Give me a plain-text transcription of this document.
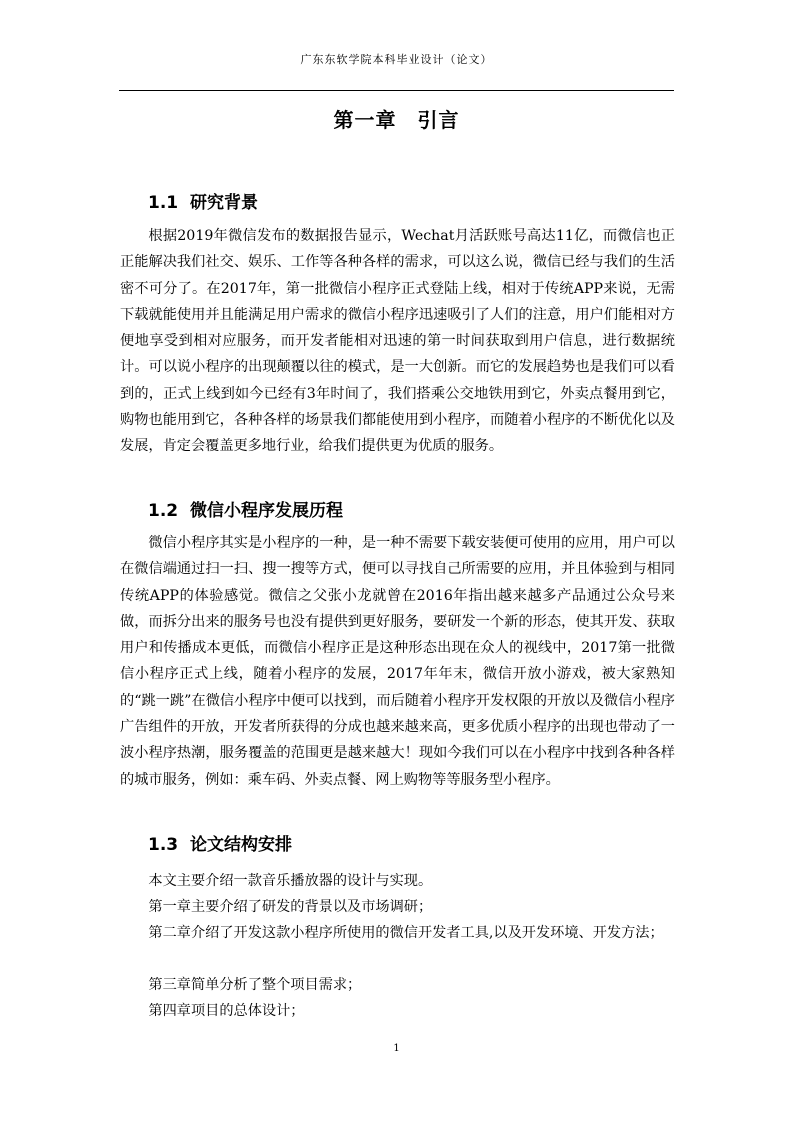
广东东软学院本科毕业设计（论文）
第一章　引言
1.1  研究背景

根据2019年微信发布的数据报告显示，Wechat月活跃账号高达11亿，而微信也正正能解决我们社交、娱乐、工作等各种各样的需求，可以这么说，微信已经与我们的生活密不可分了。在2017年，第一批微信小程序正式登陆上线，相对于传统APP来说，无需下载就能使用并且能满足用户需求的微信小程序迅速吸引了人们的注意，用户们能相对方便地享受到相对应服务，而开发者能相对迅速的第一时间获取到用户信息，进行数据统计。可以说小程序的出现颠覆以往的模式，是一大创新。而它的发展趋势也是我们可以看到的，正式上线到如今已经有3年时间了，我们搭乘公交地铁用到它，外卖点餐用到它，购物也能用到它，各种各样的场景我们都能使用到小程序，而随着小程序的不断优化以及发展，肯定会覆盖更多地行业，给我们提供更为优质的服务。

1.2  微信小程序发展历程

微信小程序其实是小程序的一种，是一种不需要下载安装便可使用的应用，用户可以在微信端通过扫一扫、搜一搜等方式，便可以寻找自己所需要的应用，并且体验到与相同传统APP的体验感觉。微信之父张小龙就曾在2016年指出越来越多产品通过公众号来做，而拆分出来的服务号也没有提供到更好服务，要研发一个新的形态，使其开发、获取用户和传播成本更低，而微信小程序正是这种形态出现在众人的视线中，2017第一批微信小程序正式上线，随着小程序的发展，2017年年末，微信开放小游戏，被大家熟知的“跳一跳”在微信小程序中便可以找到，而后随着小程序开发权限的开放以及微信小程序广告组件的开放，开发者所获得的分成也越来越来高，更多优质小程序的出现也带动了一波小程序热潮，服务覆盖的范围更是越来越大！现如今我们可以在小程序中找到各种各样的城市服务，例如：乘车码、外卖点餐、网上购物等等服务型小程序。

1.3  论文结构安排

本文主要介绍一款音乐播放器的设计与实现。

第一章主要介绍了研发的背景以及市场调研；

第二章介绍了开发这款小程序所使用的微信开发者工具,以及开发环境、开发方法；

第三章简单分析了整个项目需求；

第四章项目的总体设计；

1
